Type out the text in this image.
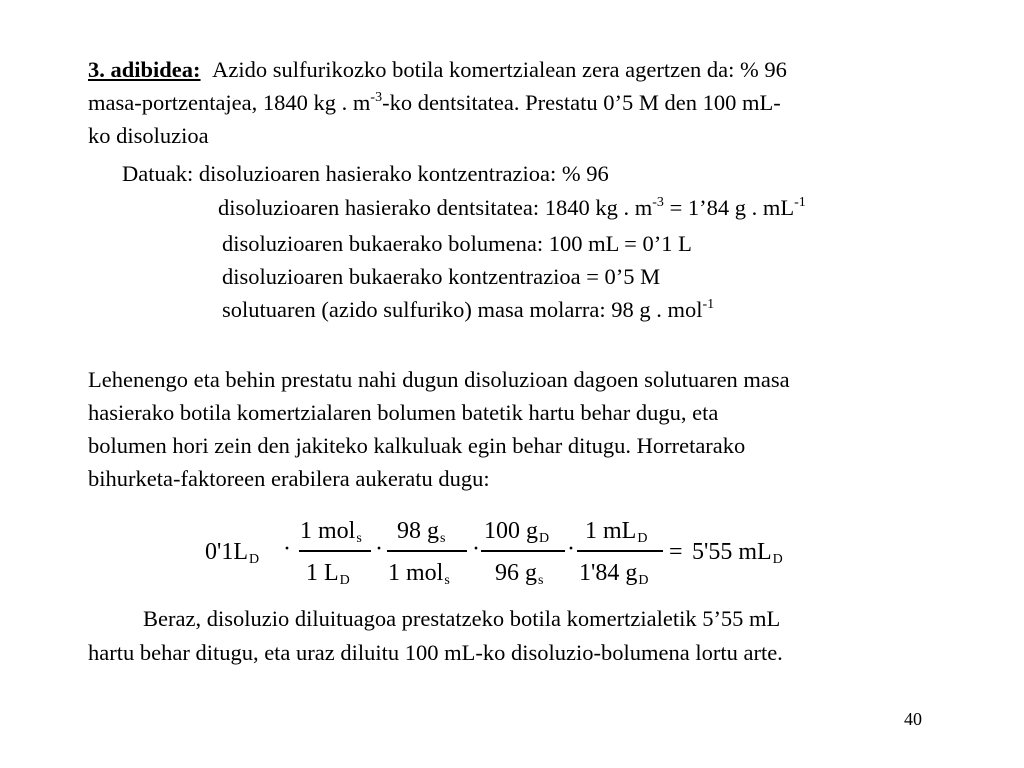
3. adibidea: Azido sulfurikozko botila komertzialean zera agertzen da: % 96
masa-portzentajea, 1840 kg . $m^{-3}-ko$ dentsitatea. Prestatu 0’5 M den 100 mL-
ko disoluzioa
Datuak: disoluzioaren hasierako kontzentrazioa: % 96
disoluzioaren hasierako dentsitatea: 1840 kg . $m^{-3}$ = 1’84 g . $mL^{-1}$
disoluzioaren bukaerako bolumena: 100 mL = 0’1 L
disoluzioaren bukaerako kontzentrazioa = 0’5 M
solutuaren (azido sulfuriko) masa molarra: 98 g . mol$^{-1}$
Lehenengo eta behin prestatu nahi dugun disoluzioan dagoen solutuaren masa
hasierako botila komertzialaren bolumen batetik hartu behar dugu, eta
bolumen hori zein den jakiteko kalkuluak egin behar ditugu. Horretarako
bihurketa-faktoreen erabilera aukeratu dugu:
$0'1L_D$ ·
1 mol$_s$
1 $L_D$
·
98 $g_s$
1 mol$_s$
·
100 $g_D$
96 $g_s$
·
1 $mL_D$
1'84 $g_D$
= 5'55 $mL_D$
Beraz, disoluzio diluituagoa prestatzeko botila komertzialetik 5’55 mL
hartu behar ditugu, eta uraz diluitu 100 mL-ko disoluzio-bolumena lortu arte.
40
